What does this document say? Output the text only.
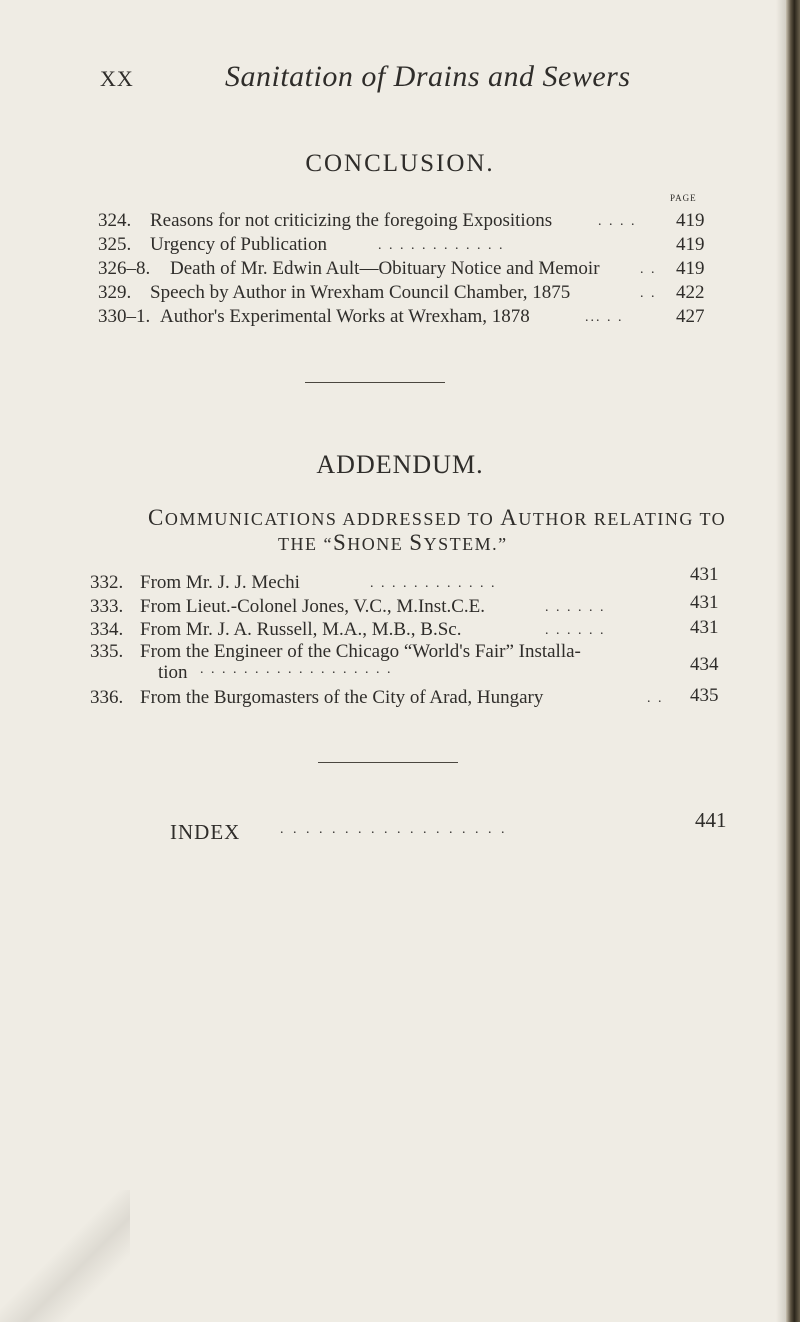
XX	Sanitation of Drains and Sewers
CONCLUSION.
PAGE
324. Reasons for not criticizing the foregoing Expositions	. . . . 419
325. Urgency of Publication	. . . . . . . . . . . .	419
326–8. Death of Mr. Edwin Ault—Obituary Notice and Memoir	. . 419
329. Speech by Author in Wrexham Council Chamber, 1875	. . 422
330–1. Author's Experimental Works at Wrexham, 1878	... . .	427
ADDENDUM.
COMMUNICATIONS ADDRESSED TO AUTHOR RELATING TO
THE “SHONE SYSTEM.”
332. From Mr. J. J. Mechi	. . . . . . . . . . . .	431
333. From Lieut.-Colonel Jones, V.C., M.Inst.C.E.	. . . . . .	431
334. From Mr. J. A. Russell, M.A., M.B., B.Sc.	. . . . . .	431
335. From the Engineer of the Chicago “World's Fair” Installa-
tion . . . . . . . . . . . . . . . . . .	434
336. From the Burgomasters of the City of Arad, Hungary	. . 435
INDEX	. . . . . . . . . . . . . . . . . .	441
